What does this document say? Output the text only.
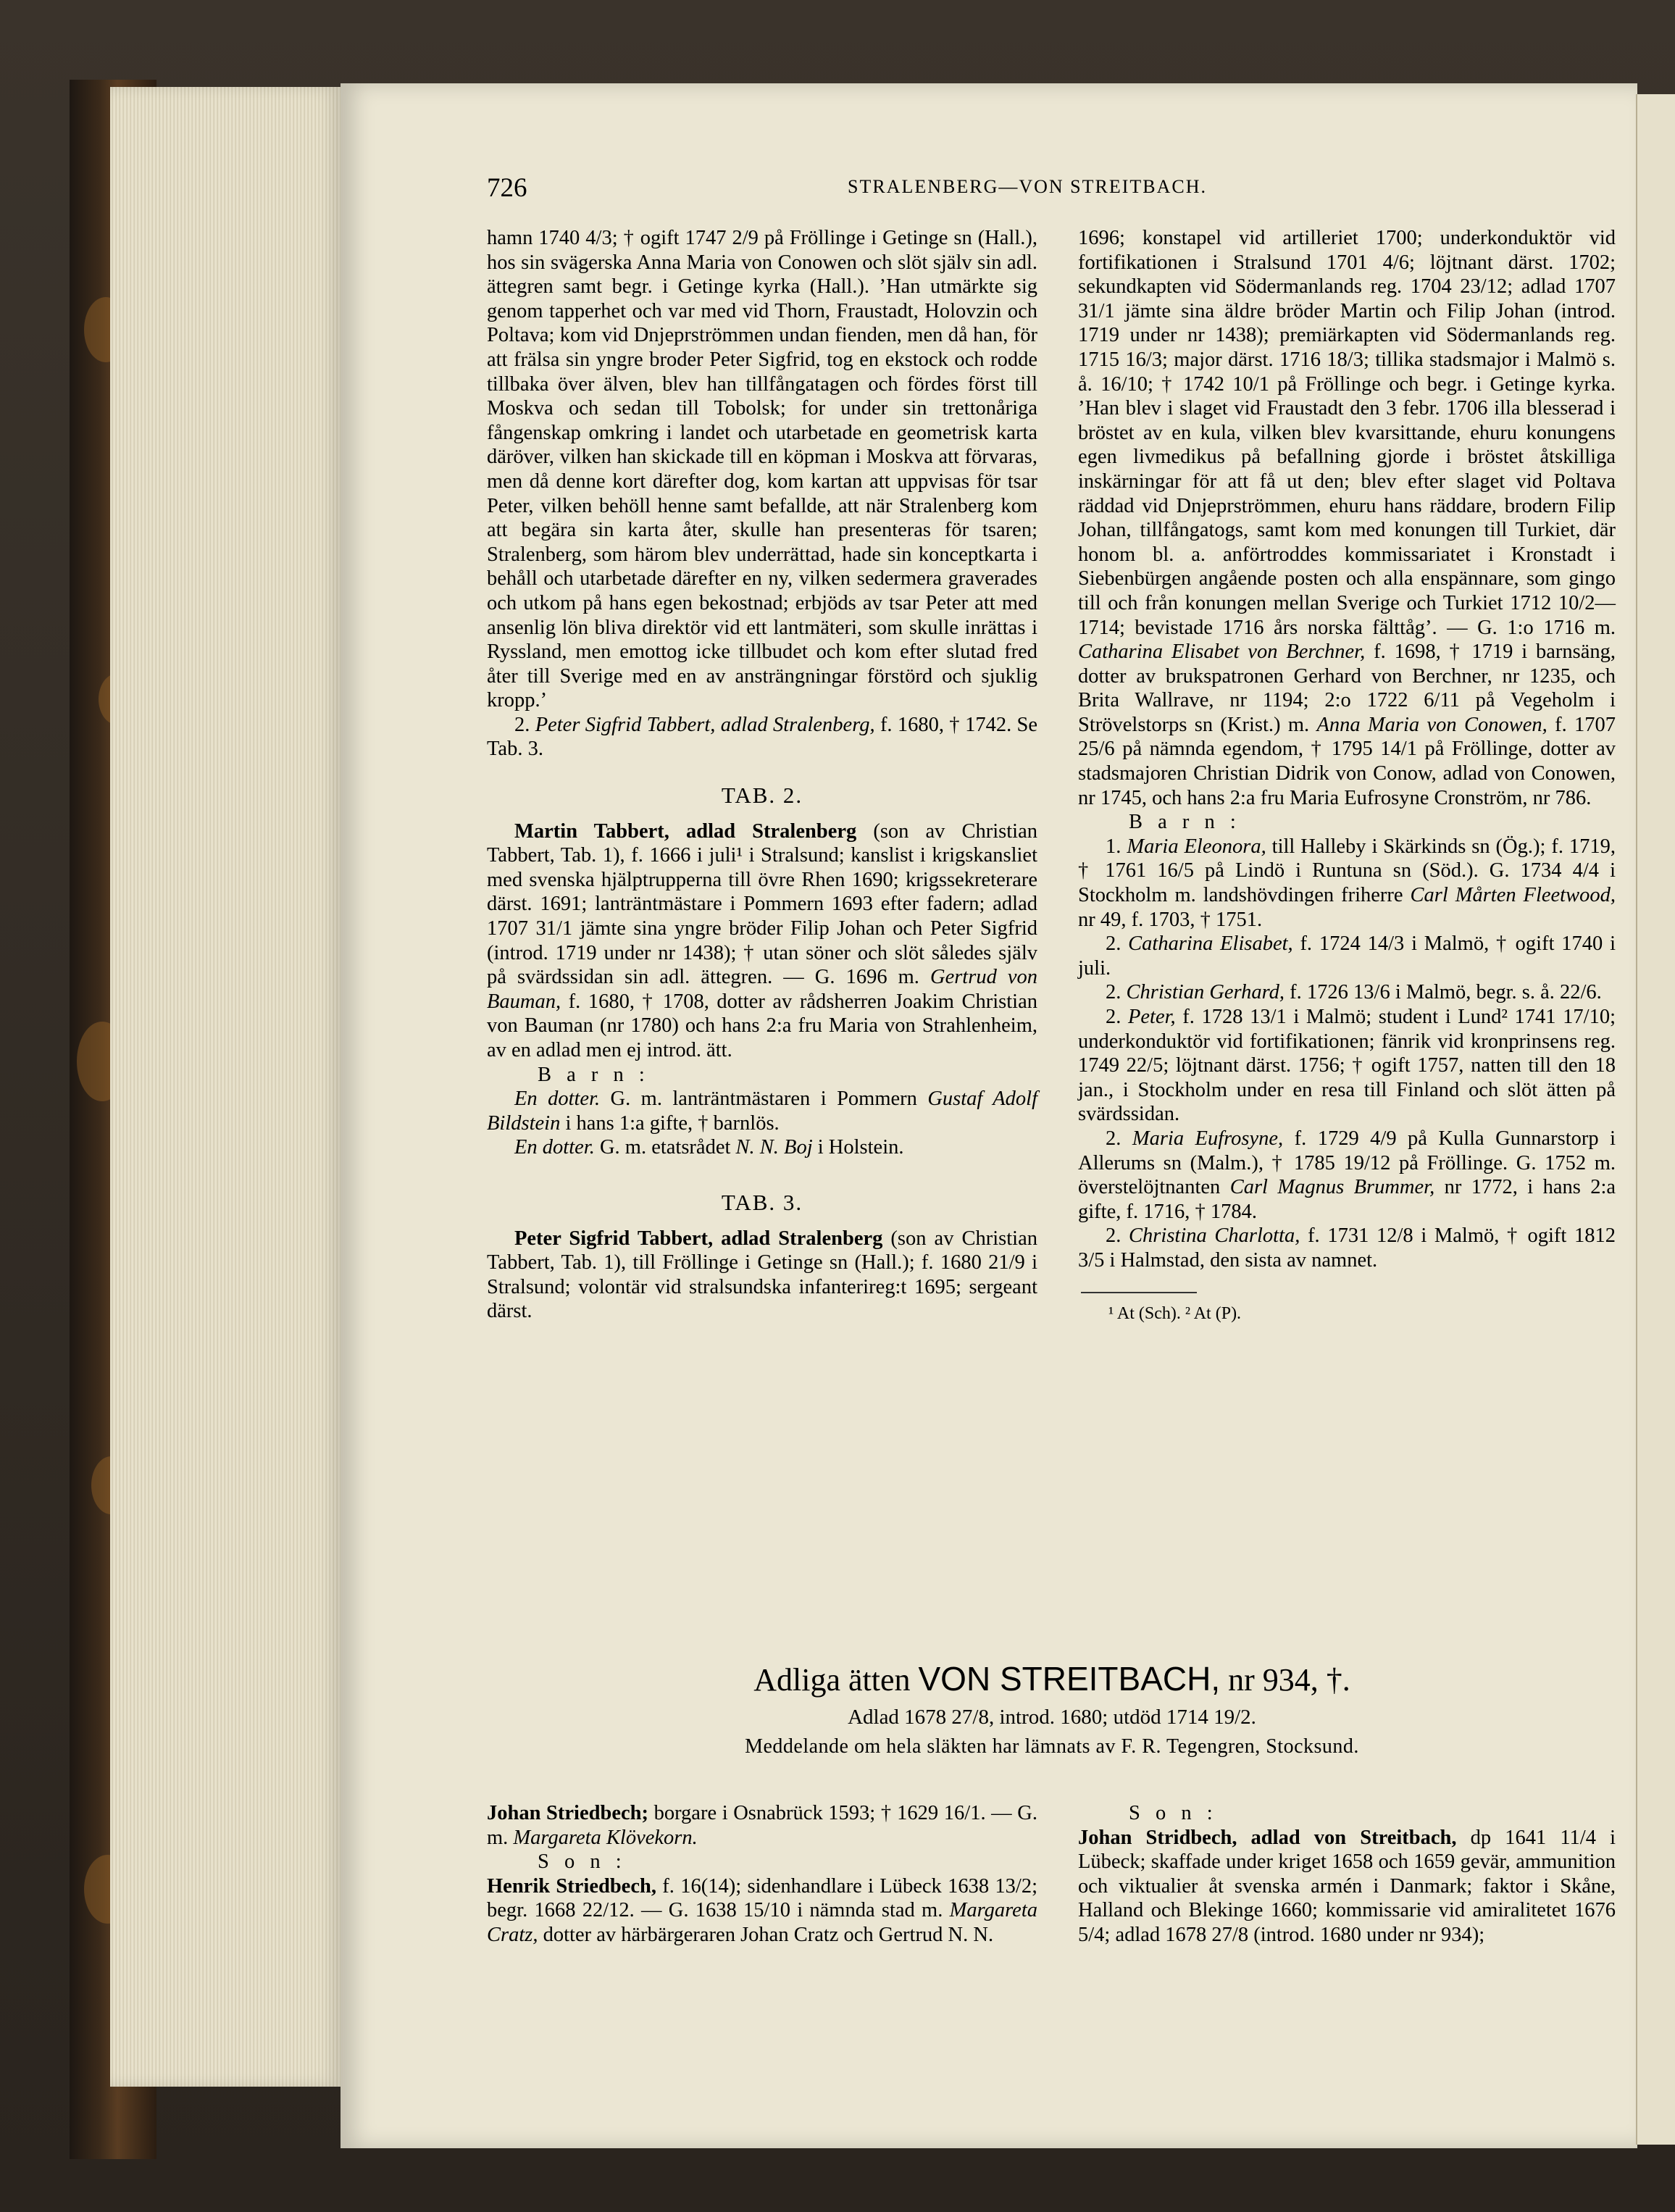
726	STRALENBERG—VON STREITBACH.

hamn 1740 4/3; † ogift 1747 2/9 på Fröllinge i Getinge sn (Hall.), hos sin svägerska Anna Maria von Conowen och slöt själv sin adl. ättegren samt begr. i Getinge kyrka (Hall.). ’Han utmärkte sig genom tapperhet och var med vid Thorn, Fraustadt, Holovzin och Poltava; kom vid Dnjeprströmmen undan fienden, men då han, för att frälsa sin yngre broder Peter Sigfrid, tog en ekstock och rodde tillbaka över älven, blev han tillfångatagen och fördes först till Moskva och sedan till Tobolsk; for under sin trettonåriga fångenskap omkring i landet och utarbetade en geometrisk karta däröver, vilken han skickade till en köpman i Moskva att förvaras, men då denne kort därefter dog, kom kartan att uppvisas för tsar Peter, vilken behöll henne samt befallde, att när Stralenberg kom att begära sin karta åter, skulle han presenteras för tsaren; Stralenberg, som härom blev underrättad, hade sin konceptkarta i behåll och utarbetade därefter en ny, vilken sedermera graverades och utkom på hans egen bekostnad; erbjöds av tsar Peter att med ansenlig lön bliva direktör vid ett lantmäteri, som skulle inrättas i Ryssland, men emottog icke tillbudet och kom efter slutad fred åter till Sverige med en av ansträngningar förstörd och sjuklig kropp.’

2. Peter Sigfrid Tabbert, adlad Stralenberg, f. 1680, † 1742. Se Tab. 3.

TAB. 2.

Martin Tabbert, adlad Stralenberg (son av Christian Tabbert, Tab. 1), f. 1666 i juli¹ i Stralsund; kanslist i krigskansliet med svenska hjälptrupperna till övre Rhen 1690; krigssekreterare därst. 1691; lanträntmästare i Pommern 1693 efter fadern; adlad 1707 31/1 jämte sina yngre bröder Filip Johan och Peter Sigfrid (introd. 1719 under nr 1438); † utan söner och slöt således själv på svärdssidan sin adl. ättegren. — G. 1696 m. Gertrud von Bauman, f. 1680, † 1708, dotter av rådsherren Joakim Christian von Bauman (nr 1780) och hans 2:a fru Maria von Strahlenheim, av en adlad men ej introd. ätt.

B a r n :

En dotter. G. m. lanträntmästaren i Pommern Gustaf Adolf Bildstein i hans 1:a gifte, † barnlös.

En dotter. G. m. etatsrådet N. N. Boj i Holstein.

TAB. 3.

Peter Sigfrid Tabbert, adlad Stralenberg (son av Christian Tabbert, Tab. 1), till Fröllinge i Getinge sn (Hall.); f. 1680 21/9 i Stralsund; volontär vid stralsundska infanterireg:t 1695; sergeant därst.

1696; konstapel vid artilleriet 1700; underkonduktör vid fortifikationen i Stralsund 1701 4/6; löjtnant därst. 1702; sekundkapten vid Södermanlands reg. 1704 23/12; adlad 1707 31/1 jämte sina äldre bröder Martin och Filip Johan (introd. 1719 under nr 1438); premiärkapten vid Södermanlands reg. 1715 16/3; major därst. 1716 18/3; tillika stadsmajor i Malmö s. å. 16/10; † 1742 10/1 på Fröllinge och begr. i Getinge kyrka. ’Han blev i slaget vid Fraustadt den 3 febr. 1706 illa blesserad i bröstet av en kula, vilken blev kvarsittande, ehuru konungens egen livmedikus på befallning gjorde i bröstet åtskilliga inskärningar för att få ut den; blev efter slaget vid Poltava räddad vid Dnjeprströmmen, ehuru hans räddare, brodern Filip Johan, tillfångatogs, samt kom med konungen till Turkiet, där honom bl. a. anförtroddes kommissariatet i Kronstadt i Siebenbürgen angående posten och alla enspännare, som gingo till och från konungen mellan Sverige och Turkiet 1712 10/2—1714; bevistade 1716 års norska fälttåg’. — G. 1:o 1716 m. Catharina Elisabet von Berchner, f. 1698, † 1719 i barnsäng, dotter av brukspatronen Gerhard von Berchner, nr 1235, och Brita Wallrave, nr 1194; 2:o 1722 6/11 på Vegeholm i Strövelstorps sn (Krist.) m. Anna Maria von Conowen, f. 1707 25/6 på nämnda egendom, † 1795 14/1 på Fröllinge, dotter av stadsmajoren Christian Didrik von Conow, adlad von Conowen, nr 1745, och hans 2:a fru Maria Eufrosyne Cronström, nr 786.

B a r n :

1. Maria Eleonora, till Halleby i Skärkinds sn (Ög.); f. 1719, † 1761 16/5 på Lindö i Runtuna sn (Söd.). G. 1734 4/4 i Stockholm m. landshövdingen friherre Carl Mårten Fleetwood, nr 49, f. 1703, † 1751.

2. Catharina Elisabet, f. 1724 14/3 i Malmö, † ogift 1740 i juli.

2. Christian Gerhard, f. 1726 13/6 i Malmö, begr. s. å. 22/6.

2. Peter, f. 1728 13/1 i Malmö; student i Lund² 1741 17/10; underkonduktör vid fortifikationen; fänrik vid kronprinsens reg. 1749 22/5; löjtnant därst. 1756; † ogift 1757, natten till den 18 jan., i Stockholm under en resa till Finland och slöt ätten på svärdssidan.

2. Maria Eufrosyne, f. 1729 4/9 på Kulla Gunnarstorp i Allerums sn (Malm.), † 1785 19/12 på Fröllinge. G. 1752 m. överstelöjtnanten Carl Magnus Brummer, nr 1772, i hans 2:a gifte, f. 1716, † 1784.

2. Christina Charlotta, f. 1731 12/8 i Malmö, † ogift 1812 3/5 i Halmstad, den sista av namnet.

¹ At (Sch). ² At (P).
Adliga ätten VON STREITBACH, nr 934, †.
Adlad 1678 27/8, introd. 1680; utdöd 1714 19/2.
Meddelande om hela släkten har lämnats av F. R. Tegengren, Stocksund.

Johan Striedbech; borgare i Osnabrück 1593; † 1629 16/1. — G. m. Margareta Klövekorn.

S o n :

Henrik Striedbech, f. 16(14); sidenhandlare i Lübeck 1638 13/2; begr. 1668 22/12. — G. 1638 15/10 i nämnda stad m. Margareta Cratz, dotter av härbärgeraren Johan Cratz och Gertrud N. N.

S o n :

Johan Stridbech, adlad von Streitbach, dp 1641 11/4 i Lübeck; skaffade under kriget 1658 och 1659 gevär, ammunition och viktualier åt svenska armén i Danmark; faktor i Skåne, Halland och Blekinge 1660; kommissarie vid amiralitetet 1676 5/4; adlad 1678 27/8 (introd. 1680 under nr 934);
